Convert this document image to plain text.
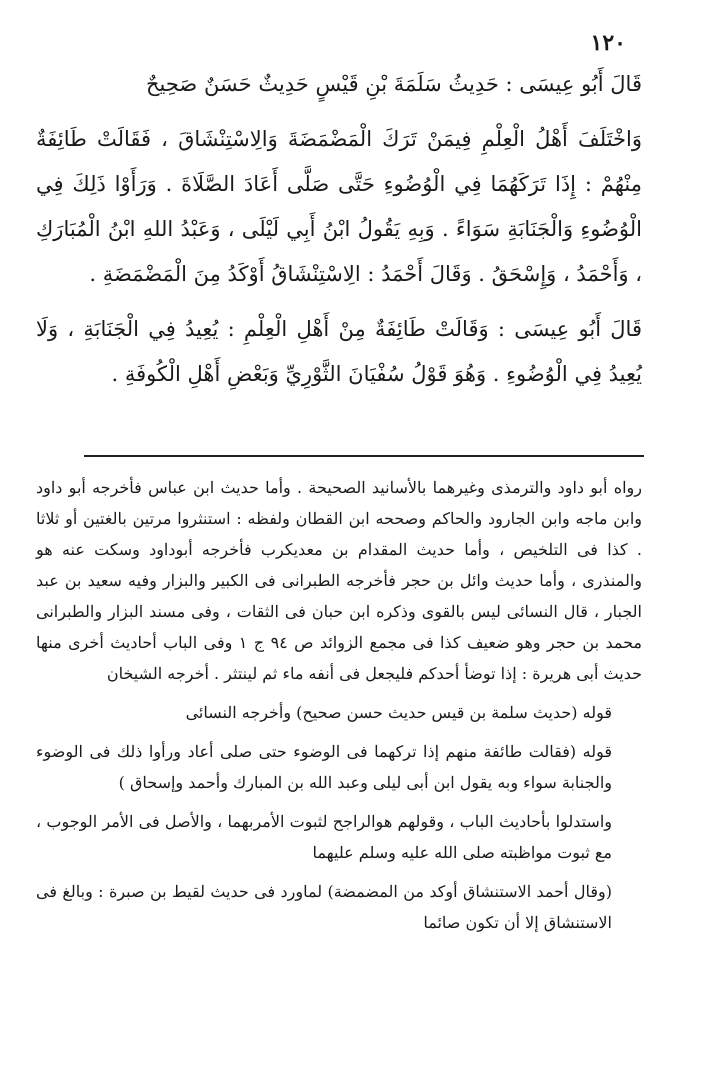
١٢٠

قَالَ أَبُو عِيسَى : حَدِيثُ سَلَمَةَ بْنِ قَيْسٍ حَدِيثٌ حَسَنٌ صَحِيحٌ

وَاخْتَلَفَ أَهْلُ الْعِلْمِ فِيمَنْ تَرَكَ الْمَضْمَضَةَ وَالِاسْتِنْشَاقَ ، فَقَالَتْ طَائِفَةٌ مِنْهُمْ : إِذَا تَرَكَهُمَا فِي الْوُضُوءِ حَتَّى صَلَّى أَعَادَ الصَّلَاةَ . وَرَأَوْا ذَلِكَ فِي الْوُضُوءِ وَالْجَنَابَةِ سَوَاءً . وَبِهِ يَقُولُ ابْنُ أَبِي لَيْلَى ، وَعَبْدُ اللهِ ابْنُ الْمُبَارَكِ ، وَأَحْمَدُ ، وَإِسْحَقُ . وَقَالَ أَحْمَدُ : الِاسْتِنْشَاقُ أَوْكَدُ مِنَ الْمَضْمَضَةِ .

قَالَ أَبُو عِيسَى : وَقَالَتْ طَائِفَةٌ مِنْ أَهْلِ الْعِلْمِ : يُعِيدُ فِي الْجَنَابَةِ ، وَلَا يُعِيدُ فِي الْوُضُوءِ . وَهُوَ قَوْلُ سُفْيَانَ الثَّوْرِيِّ وَبَعْضِ أَهْلِ الْكُوفَةِ .

رواه أبو داود والترمذى وغيرهما بالأسانيد الصحيحة . وأما حديث ابن عباس فأخرجه أبو داود وابن ماجه وابن الجارود والحاكم وصححه ابن القطان ولفظه : استنثروا مرتين بالغتين أو ثلاثا . كذا فى التلخيص ، وأما حديث المقدام بن معديكرب فأخرجه أبوداود وسكت عنه هو والمنذرى ، وأما حديث وائل بن حجر فأخرجه الطبرانى فى الكبير والبزار وفيه سعيد بن عبد الجبار ، قال النسائى ليس بالقوى وذكره ابن حبان فى الثقات ، وفى مسند البزار والطبرانى محمد بن حجر وهو ضعيف كذا فى مجمع الزوائد ص ٩٤ ج ١ وفى الباب أحاديث أخرى منها حديث أبى هريرة : إذا توضأ أحدكم فليجعل فى أنفه ماء ثم لينتثر . أخرجه الشيخان

قوله (حديث سلمة بن قيس حديث حسن صحيح) وأخرجه النسائى

قوله (فقالت طائفة منهم إذا تركهما فى الوضوء حتى صلى أعاد ورأوا ذلك فى الوضوء والجنابة سواء وبه يقول ابن أبى ليلى وعبد الله بن المبارك وأحمد وإسحاق )

واستدلوا بأحاديث الباب ، وقولهم هوالراجح لثبوت الأمربهما ، والأصل فى الأمر الوجوب ، مع ثبوت مواظبته صلى الله عليه وسلم عليهما

(وقال أحمد الاستنشاق أوكد من المضمضة) لماورد فى حديث لقيط بن صبرة : وبالغ فى الاستنشاق إلا أن تكون صائما
